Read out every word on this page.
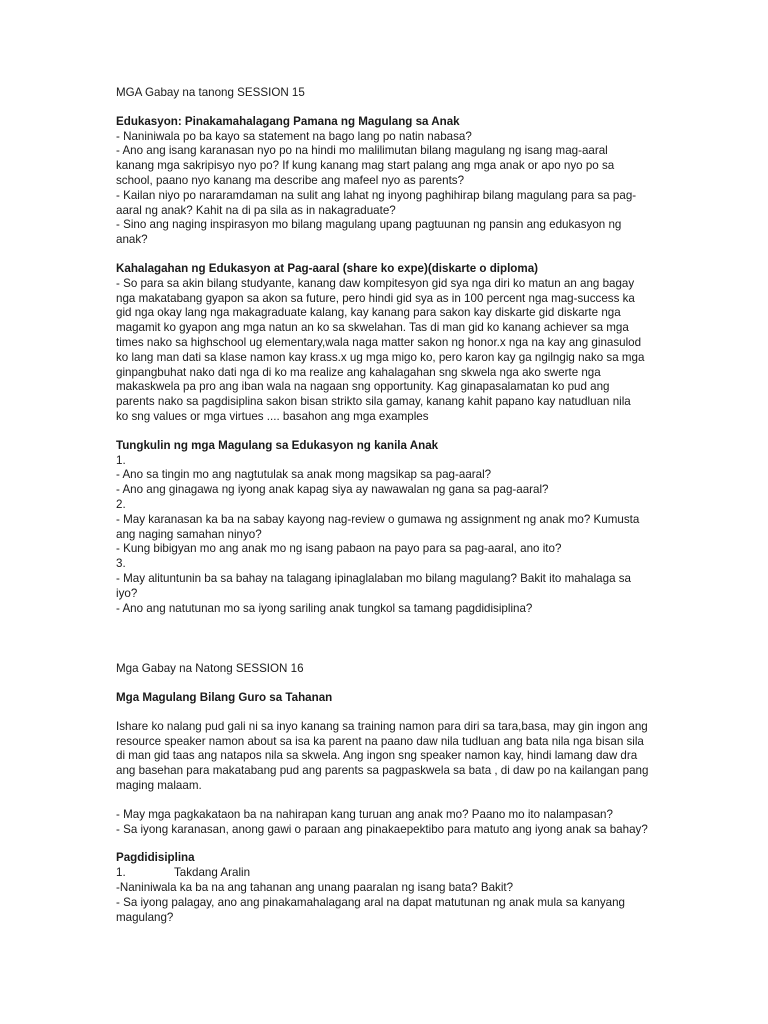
MGA Gabay na tanong SESSION 15

Edukasyon: Pinakamahalagang Pamana ng Magulang sa Anak

- Naniniwala po ba kayo sa statement na bago lang po natin nabasa?

- Ano ang isang karanasan nyo po na hindi mo malilimutan bilang magulang ng isang mag-aaral

kanang mga sakripisyo nyo po? If kung kanang mag start palang ang mga anak or apo nyo po sa

school, paano nyo kanang ma describe ang mafeel nyo as parents?

- Kailan niyo po nararamdaman na sulit ang lahat ng inyong paghihirap bilang magulang para sa pag-

aaral ng anak? Kahit na di pa sila as in nakagraduate?

- Sino ang naging inspirasyon mo bilang magulang upang pagtuunan ng pansin ang edukasyon ng

anak?

Kahalagahan ng Edukasyon at Pag-aaral (share ko expe)(diskarte o diploma)

- So para sa akin bilang studyante, kanang daw kompitesyon gid sya nga diri ko matun an ang bagay

nga makatabang gyapon sa akon sa future, pero hindi gid sya as in 100 percent nga mag-success ka

gid nga okay lang nga makagraduate kalang, kay kanang para sakon kay diskarte gid diskarte nga

magamit ko gyapon ang mga natun an ko sa skwelahan. Tas di man gid ko kanang achiever sa mga

times nako sa highschool ug elementary,wala naga matter sakon ng honor.x nga na kay ang ginasulod

ko lang man dati sa klase namon kay krass.x ug mga migo ko, pero karon kay ga ngilngig nako sa mga

ginpangbuhat nako dati nga di ko ma realize ang kahalagahan sng skwela nga ako swerte nga

makaskwela pa pro ang iban wala na nagaan sng opportunity. Kag ginapasalamatan ko pud ang

parents nako sa pagdisiplina sakon bisan strikto sila gamay, kanang kahit papano kay natudluan nila

ko sng values or mga virtues .... basahon ang mga examples

Tungkulin ng mga Magulang sa Edukasyon ng kanila Anak

1.

- Ano sa tingin mo ang nagtutulak sa anak mong magsikap sa pag-aaral?

- Ano ang ginagawa ng iyong anak kapag siya ay nawawalan ng gana sa pag-aaral?

2.

- May karanasan ka ba na sabay kayong nag-review o gumawa ng assignment ng anak mo? Kumusta

ang naging samahan ninyo?

- Kung bibigyan mo ang anak mo ng isang pabaon na payo para sa pag-aaral, ano ito?

3.

- May alituntunin ba sa bahay na talagang ipinaglalaban mo bilang magulang? Bakit ito mahalaga sa

iyo?

- Ano ang natutunan mo sa iyong sariling anak tungkol sa tamang pagdidisiplina?

Mga Gabay na Natong SESSION 16

Mga Magulang Bilang Guro sa Tahanan

Ishare ko nalang pud gali ni sa inyo kanang sa training namon para diri sa tara,basa, may gin ingon ang

resource speaker namon about sa isa ka parent na paano daw nila tudluan ang bata nila nga bisan sila

di man gid taas ang natapos nila sa skwela. Ang ingon sng speaker namon kay, hindi lamang daw dra

ang basehan para makatabang pud ang parents sa pagpaskwela sa bata , di daw po na kailangan pang

maging malaam.

- May mga pagkakataon ba na nahirapan kang turuan ang anak mo? Paano mo ito nalampasan?

- Sa iyong karanasan, anong gawi o paraan ang pinakaepektibo para matuto ang iyong anak sa bahay?

Pagdidisiplina

1.	Takdang Aralin

-Naniniwala ka ba na ang tahanan ang unang paaralan ng isang bata? Bakit?

- Sa iyong palagay, ano ang pinakamahalagang aral na dapat matutunan ng anak mula sa kanyang

magulang?
